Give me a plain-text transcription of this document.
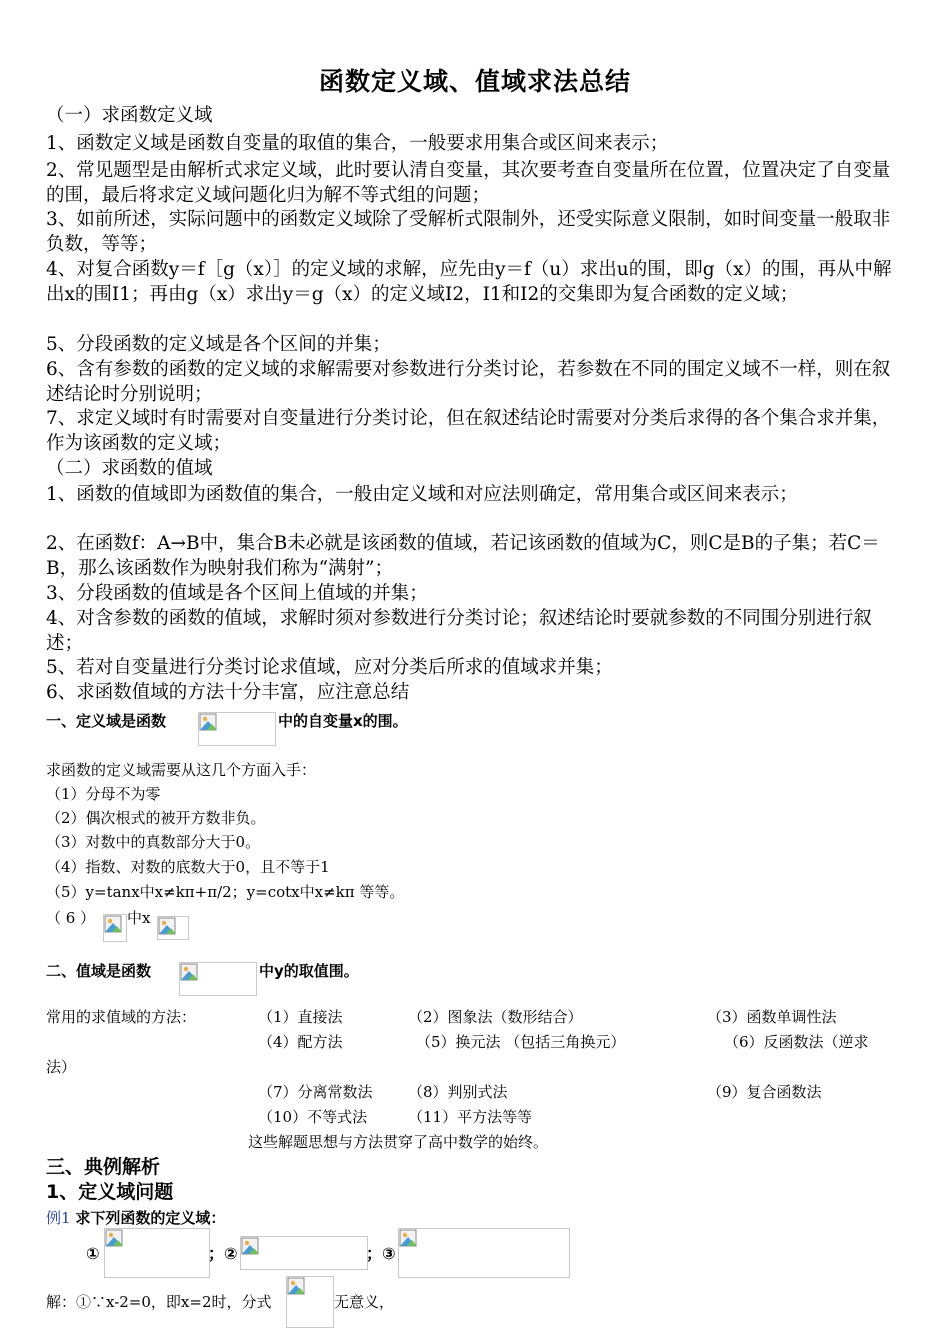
函数定义域、值域求法总结
（一）求函数定义域

1、函数定义域是函数自变量的取值的集合，一般要求用集合或区间来表示；

2、常见题型是由解析式求定义域，此时要认清自变量，其次要考查自变量所在位置，位置决定了自变量的围，最后将求定义域问题化归为解不等式组的问题；

3、如前所述，实际问题中的函数定义域除了受解析式限制外，还受实际意义限制，如时间变量一般取非负数，等等；

4、对复合函数y＝f［g（x）］的定义域的求解，应先由y＝f（u）求出u的围，即g（x）的围，再从中解出x的围I1；再由g（x）求出y＝g（x）的定义域I2，I1和I2的交集即为复合函数的定义域；

5、分段函数的定义域是各个区间的并集；

6、含有参数的函数的定义域的求解需要对参数进行分类讨论，若参数在不同的围定义域不一样，则在叙述结论时分别说明；

7、求定义域时有时需要对自变量进行分类讨论，但在叙述结论时需要对分类后求得的各个集合求并集，作为该函数的定义域；

（二）求函数的值域

1、函数的值域即为函数值的集合，一般由定义域和对应法则确定，常用集合或区间来表示；

2、在函数f：A→B中，集合B未必就是该函数的值域，若记该函数的值域为C，则C是B的子集；若C＝B，那么该函数作为映射我们称为“满射”；

3、分段函数的值域是各个区间上值域的并集；

4、对含参数的函数的值域，求解时须对参数进行分类讨论；叙述结论时要就参数的不同围分别进行叙述；

5、若对自变量进行分类讨论求值域，应对分类后所求的值域求并集；

6、求函数值域的方法十分丰富，应注意总结

一、定义域是函数	中的自变量x的围。
求函数的定义域需要从这几个方面入手：
（1）分母不为零
（2）偶次根式的被开方数非负。
（3）对数中的真数部分大于0。
（4）指数、对数的底数大于0，且不等于1
（5）y=tanx中x≠kπ+π/2；y=cotx中x≠kπ 等等。
（ 6 ） 中x
二、值域是函数	中y的取值围。
常用的求值域的方法：	（1）直接法	（2）图象法（数形结合）	（3）函数单调性法
（4）配方法	（5）换元法 （包括三角换元）	（6）反函数法（逆求
法）
（7）分离常数法 （8）判别式法	（9）复合函数法
（10）不等式法	（11）平方法等等
这些解题思想与方法贯穿了高中数学的始终。
三、典例解析
1、定义域问题
例1 求下列函数的定义域：
①	；②	；③
解：①∵x-2=0，即x=2时，分式	无意义，
